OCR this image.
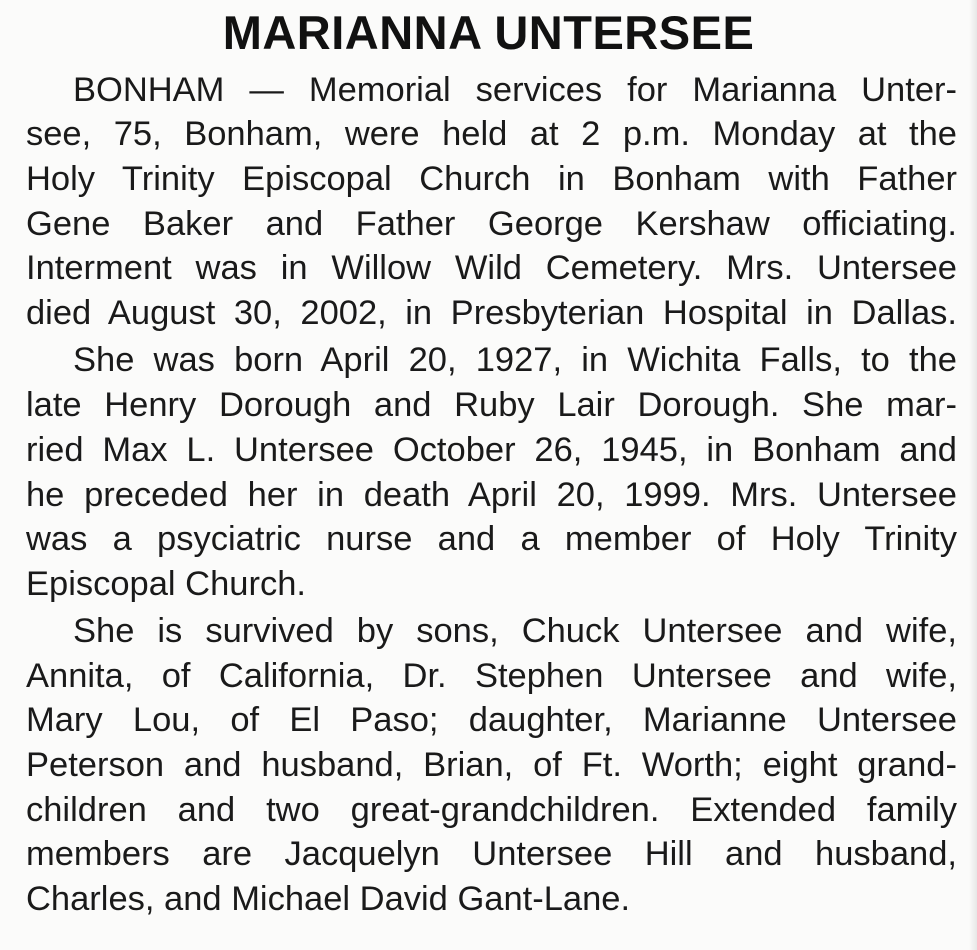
MARIANNA UNTERSEE
BONHAM — Memorial services for Marianna Unter-
see, 75, Bonham, were held at 2 p.m. Monday at the
Holy Trinity Episcopal Church in Bonham with Father
Gene Baker and Father George Kershaw officiating.
Interment was in Willow Wild Cemetery. Mrs. Untersee
died August 30, 2002, in Presbyterian Hospital in Dallas.
She was born April 20, 1927, in Wichita Falls, to the
late Henry Dorough and Ruby Lair Dorough. She mar-
ried Max L. Untersee October 26, 1945, in Bonham and
he preceded her in death April 20, 1999. Mrs. Untersee
was a psyciatric nurse and a member of Holy Trinity
Episcopal Church.
She is survived by sons, Chuck Untersee and wife,
Annita, of California, Dr. Stephen Untersee and wife,
Mary Lou, of El Paso; daughter, Marianne Untersee
Peterson and husband, Brian, of Ft. Worth; eight grand-
children and two great-grandchildren. Extended family
members are Jacquelyn Untersee Hill and husband,
Charles, and Michael David Gant-Lane.
